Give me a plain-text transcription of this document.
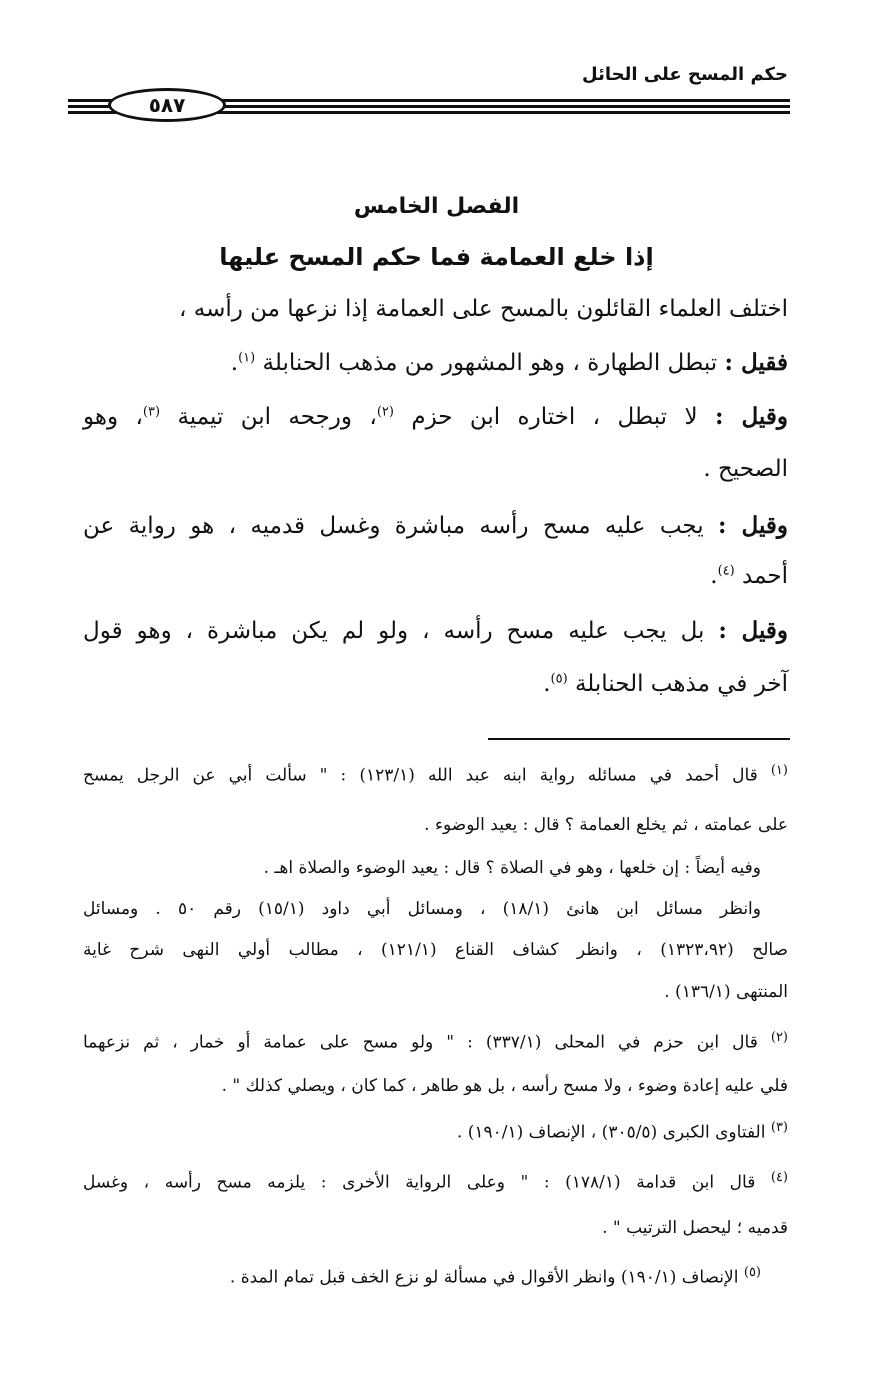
حكم المسح على الحائل
٥٨٧
الفصل الخامس
إذا خلع العمامة فما حكم المسح عليها
اختلف العلماء القائلون بالمسح على العمامة إذا نزعها من رأسه ،
فقيل : تبطل الطهارة ، وهو المشهور من مذهب الحنابلة $^{(١)}$.
وقيل : لا تبطل ، اختاره ابن حزم $^{(٢)}$، ورجحه ابن تيمية $^{(٣)}$، وهو
الصحيح .
وقيل : يجب عليه مسح رأسه مباشرة وغسل قدميه ، هو رواية عن
أحمد $^{(٤)}$.
وقيل : بل يجب عليه مسح رأسه ، ولو لم يكن مباشرة ، وهو قول
آخر في مذهب الحنابلة $^{(٥)}$.
$^{(١)}$ قال أحمد في مسائله رواية ابنه عبد الله (١٢٣/١) : " سألت أبي عن الرجل يمسح
على عمامته ، ثم يخلع العمامة ؟ قال : يعيد الوضوء .
وفيه أيضاً : إن خلعها ، وهو في الصلاة ؟ قال : يعيد الوضوء والصلاة اهـ .
وانظر مسائل ابن هانئ (١٨/١) ، ومسائل أبي داود (١٥/١) رقم ٥٠ . ومسائل
صالح (١٣٢٣،٩٢) ، وانظر كشاف القناع (١٢١/١) ، مطالب أولي النهى شرح غاية
المنتهى (١٣٦/١) .
$^{(٢)}$ قال ابن حزم في المحلى (٣٣٧/١) : " ولو مسح على عمامة أو خمار ، ثم نزعهما
فلي عليه إعادة وضوء ، ولا مسح رأسه ، بل هو طاهر ، كما كان ، ويصلي كذلك " .
$^{(٣)}$ الفتاوى الكبرى (٣٠٥/٥) ، الإنصاف (١٩٠/١) .
$^{(٤)}$ قال ابن قدامة (١٧٨/١) : " وعلى الرواية الأخرى : يلزمه مسح رأسه ، وغسل
قدميه ؛ ليحصل الترتيب " .
$^{(٥)}$ الإنصاف (١٩٠/١) وانظر الأقوال في مسألة لو نزع الخف قبل تمام المدة .
